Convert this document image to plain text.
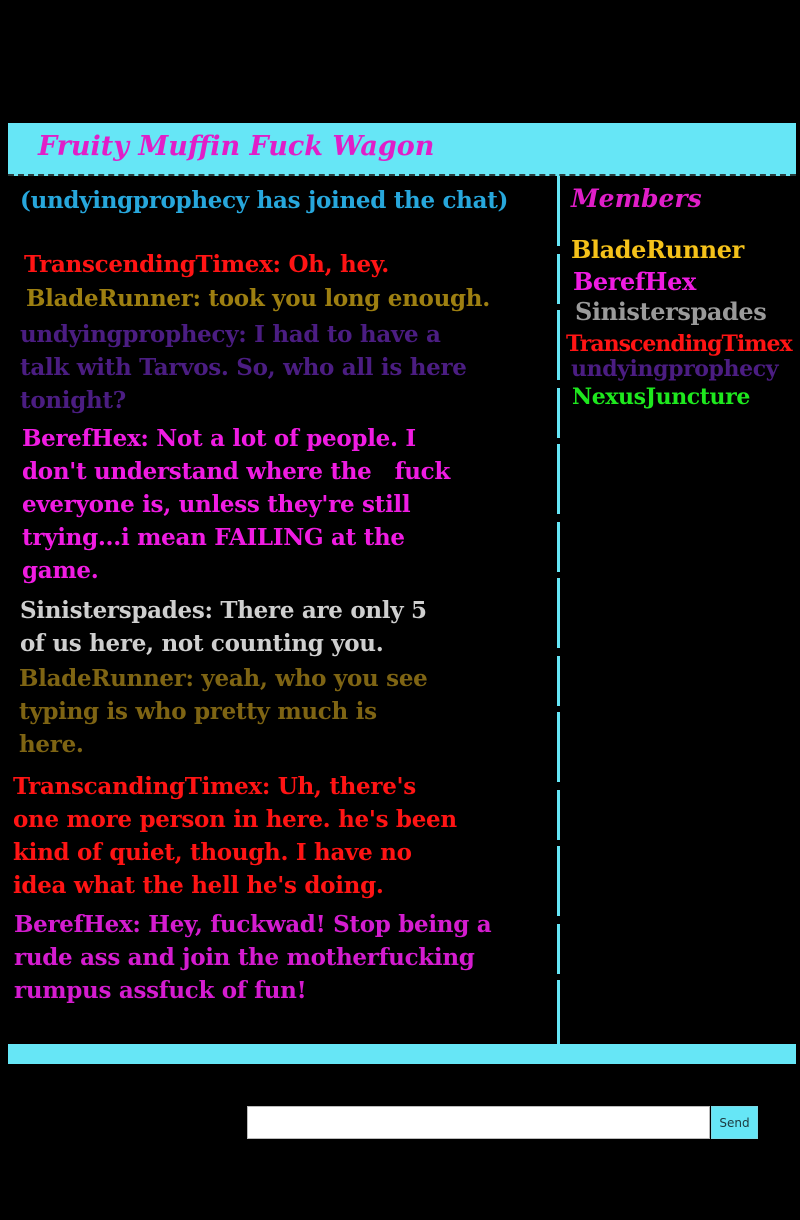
Fruity Muffin Fuck Wagon

(undyingprophecy has joined the chat)

TranscendingTimex: Oh, hey.

BladeRunner: took you long enough.

undyingprophecy: I had to have a talk with Tarvos. So, who all is here tonight?

BerefHex: Not a lot of people. I don't understand where the   fuck everyone is, unless they're still trying...i mean FAILING at the game.

Sinisterspades: There are only 5 of us here, not counting you.

BladeRunner: yeah, who you see typing is who pretty much is here.

TranscandingTimex: Uh, there's one more person in here. he's been kind of quiet, though. I have no idea what the hell he's doing.

BerefHex: Hey, fuckwad! Stop being a rude ass and join the motherfucking rumpus assfuck of fun!

Members
BladeRunner
BerefHex
Sinisterspades
TranscendingTimex
undyingprophecy
NexusJuncture
Send
